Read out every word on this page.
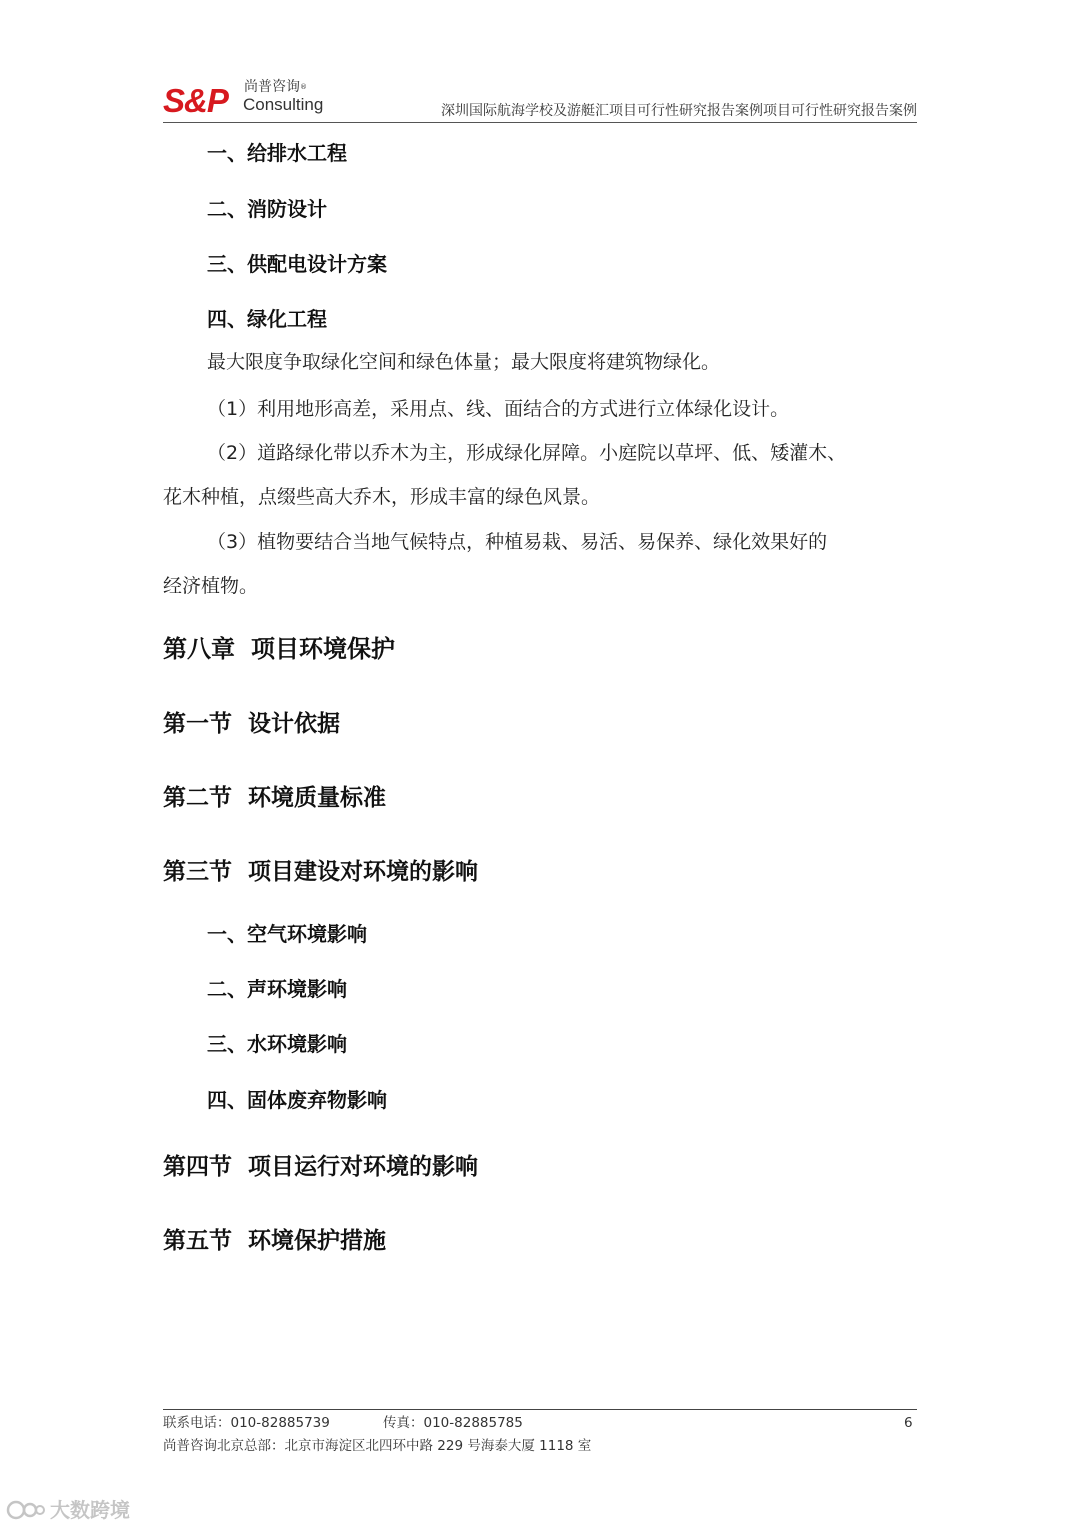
S&P 尚普咨询®
Consulting	深圳国际航海学校及游艇汇项目可行性研究报告案例项目可行性研究报告案例
一、给排水工程
二、消防设计
三、供配电设计方案
四、绿化工程
最大限度争取绿化空间和绿色体量；最大限度将建筑物绿化。
（1）利用地形高差，采用点、线、面结合的方式进行立体绿化设计。
（2）道路绿化带以乔木为主，形成绿化屏障。小庭院以草坪、低、矮灌木、
花木种植，点缀些高大乔木，形成丰富的绿色风景。
（3）植物要结合当地气候特点，种植易栽、易活、易保养、绿化效果好的
经济植物。
第八章 项目环境保护
第一节 设计依据
第二节 环境质量标准
第三节 项目建设对环境的影响
一、空气环境影响
二、声环境影响
三、水环境影响
四、固体废弃物影响
第四节 项目运行对环境的影响
第五节 环境保护措施
联系电话：010-82885739	传真：010-82885785	6
尚普咨询北京总部：北京市海淀区北四环中路 229 号海泰大厦 1118 室
大数跨境
